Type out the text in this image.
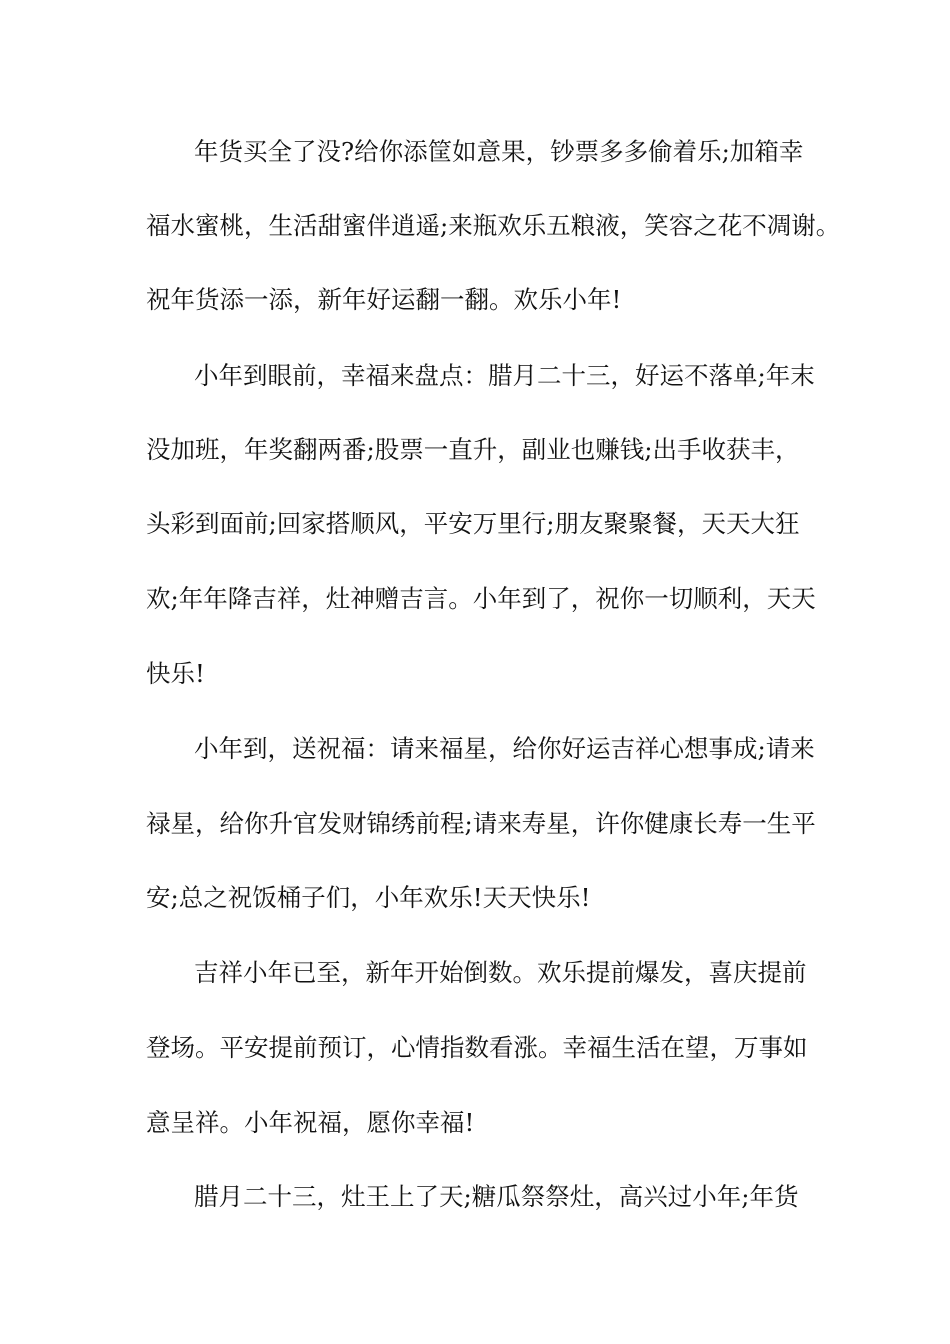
年货买全了没?给你添筐如意果，钞票多多偷着乐;加箱幸
福水蜜桃，生活甜蜜伴逍遥;来瓶欢乐五粮液，笑容之花不凋谢。
祝年货添一添，新年好运翻一翻。欢乐小年!
小年到眼前，幸福来盘点：腊月二十三，好运不落单;年末
没加班，年奖翻两番;股票一直升，副业也赚钱;出手收获丰，
头彩到面前;回家搭顺风，平安万里行;朋友聚聚餐，天天大狂
欢;年年降吉祥，灶神赠吉言。小年到了，祝你一切顺利，天天
快乐!
小年到，送祝福：请来福星，给你好运吉祥心想事成;请来
禄星，给你升官发财锦绣前程;请来寿星，许你健康长寿一生平
安;总之祝饭桶子们，小年欢乐!天天快乐!
吉祥小年已至，新年开始倒数。欢乐提前爆发，喜庆提前
登场。平安提前预订，心情指数看涨。幸福生活在望，万事如
意呈祥。小年祝福，愿你幸福!
腊月二十三，灶王上了天;糖瓜祭祭灶，高兴过小年;年货
